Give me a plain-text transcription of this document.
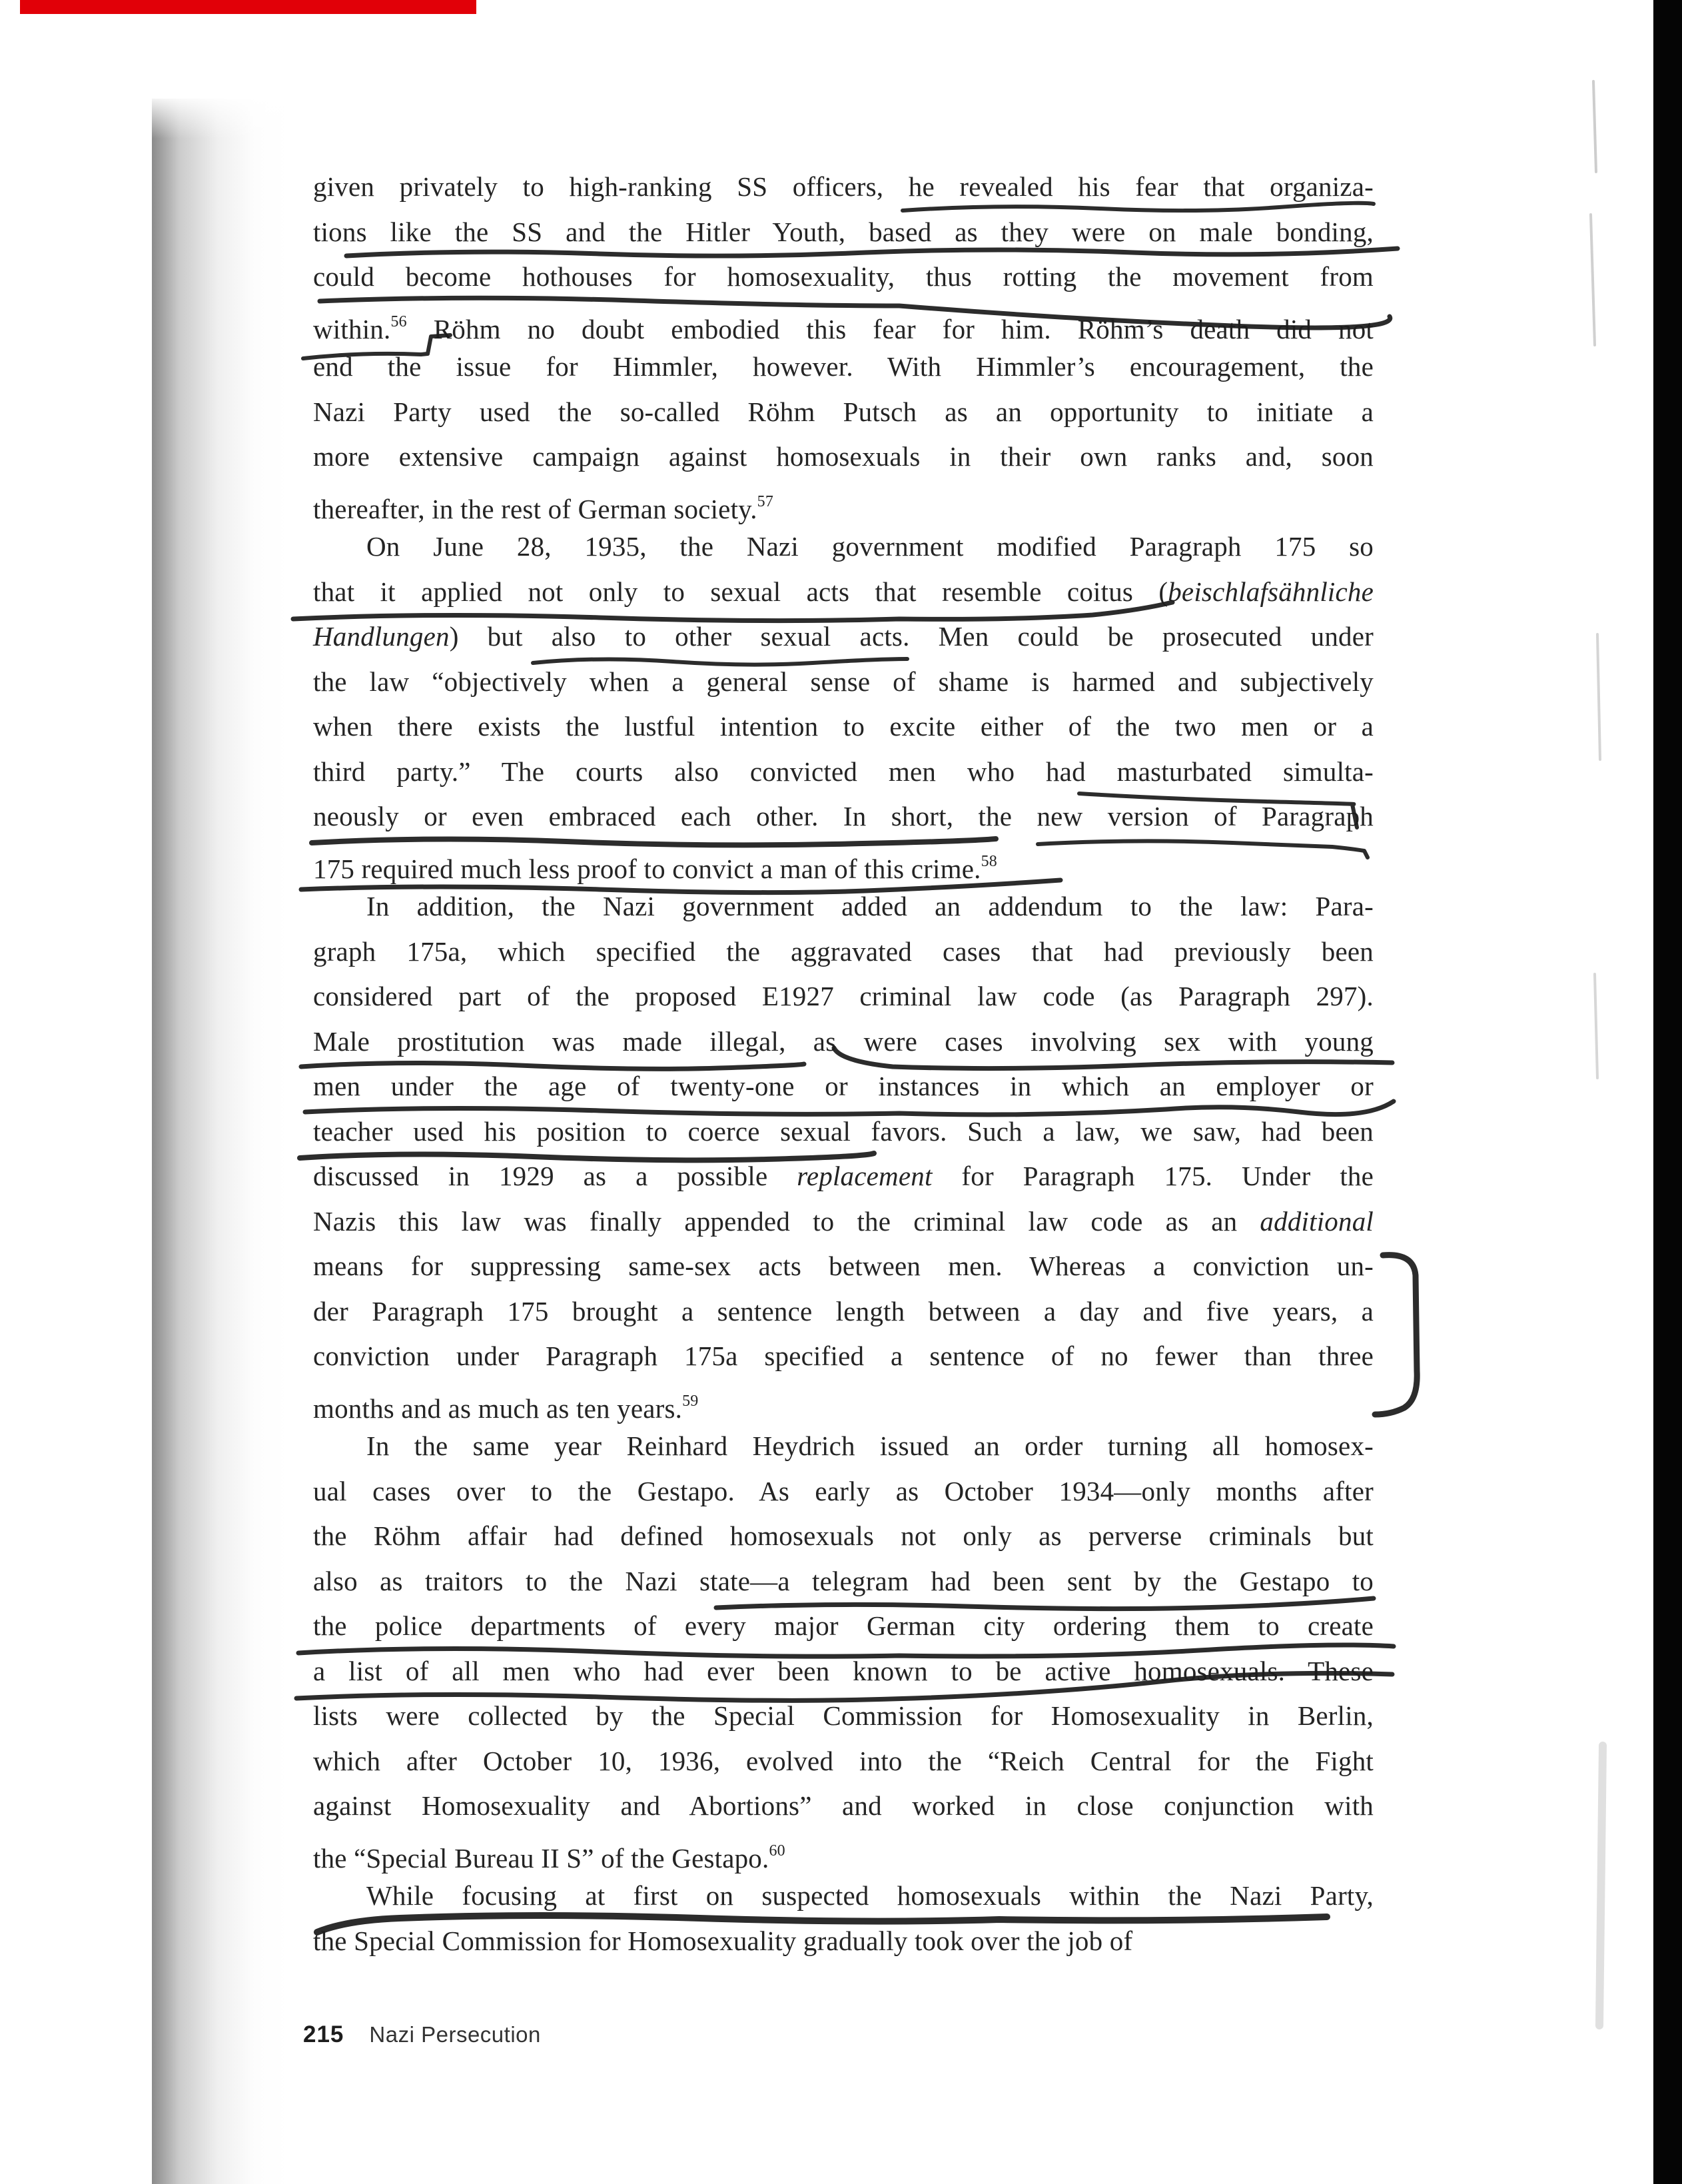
given privately to high-ranking SS officers, he revealed his fear that organiza-
tions like the SS and the Hitler Youth, based as they were on male bonding,
could become hothouses for homosexuality, thus rotting the movement from
within.$^{56}$ Röhm no doubt embodied this fear for him. Röhm’s death did not
end the issue for Himmler, however. With Himmler’s encouragement, the
Nazi Party used the so-called Röhm Putsch as an opportunity to initiate a
more extensive campaign against homosexuals in their own ranks and, soon
thereafter, in the rest of German society.$^{57}$
On June 28, 1935, the Nazi government modified Paragraph 175 so
that it applied not only to sexual acts that resemble coitus (beischlafsähnliche
Handlungen) but also to other sexual acts. Men could be prosecuted under
the law “objectively when a general sense of shame is harmed and subjectively
when there exists the lustful intention to excite either of the two men or a
third party.” The courts also convicted men who had masturbated simulta-
neously or even embraced each other. In short, the new version of Paragraph
175 required much less proof to convict a man of this crime.$^{58}$
In addition, the Nazi government added an addendum to the law: Para-
graph 175a, which specified the aggravated cases that had previously been
considered part of the proposed E1927 criminal law code (as Paragraph 297).
Male prostitution was made illegal, as were cases involving sex with young
men under the age of twenty-one or instances in which an employer or
teacher used his position to coerce sexual favors. Such a law, we saw, had been
discussed in 1929 as a possible replacement for Paragraph 175. Under the
Nazis this law was finally appended to the criminal law code as an additional
means for suppressing same-sex acts between men. Whereas a conviction un-
der Paragraph 175 brought a sentence length between a day and five years, a
conviction under Paragraph 175a specified a sentence of no fewer than three
months and as much as ten years.$^{59}$
In the same year Reinhard Heydrich issued an order turning all homosex-
ual cases over to the Gestapo. As early as October 1934—only months after
the Röhm affair had defined homosexuals not only as perverse criminals but
also as traitors to the Nazi state—a telegram had been sent by the Gestapo to
the police departments of every major German city ordering them to create
a list of all men who had ever been known to be active homosexuals. These
lists were collected by the Special Commission for Homosexuality in Berlin,
which after October 10, 1936, evolved into the “Reich Central for the Fight
against Homosexuality and Abortions” and worked in close conjunction with
the “Special Bureau II S” of the Gestapo.$^{60}$
While focusing at first on suspected homosexuals within the Nazi Party,
the Special Commission for Homosexuality gradually took over the job of
215 Nazi Persecution
